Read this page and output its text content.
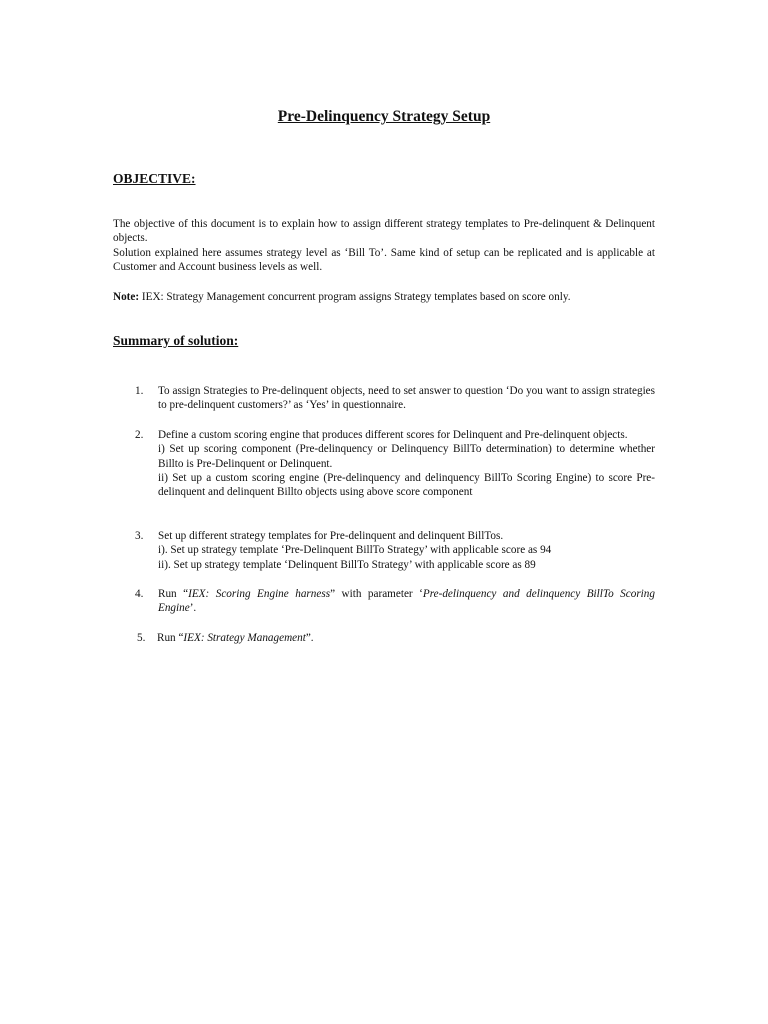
Pre-Delinquency Strategy Setup
OBJECTIVE:

The objective of this document is to explain how to assign different strategy templates to Pre-delinquent & Delinquent objects.

Solution explained here assumes strategy level as ‘Bill To’. Same kind of setup can be replicated and is applicable at Customer and Account business levels as well.

Note: IEX: Strategy Management concurrent program assigns Strategy templates based on score only.

Summary of solution:
1. To assign Strategies to Pre-delinquent objects, need to set answer to question ‘Do you want to assign strategies to pre-delinquent customers?’ as ‘Yes’ in questionnaire.
2. Define a custom scoring engine that produces different scores for Delinquent and Pre-delinquent objects.
i) Set up scoring component (Pre-delinquency or Delinquency BillTo determination) to determine whether Billto is Pre-Delinquent or Delinquent.
ii) Set up a custom scoring engine (Pre-delinquency and delinquency BillTo Scoring Engine) to score Pre-delinquent and delinquent Billto objects using above score component
3. Set up different strategy templates for Pre-delinquent and delinquent BillTos.
i). Set up strategy template ‘Pre-Delinquent BillTo Strategy’ with applicable score as 94
ii). Set up strategy template ‘Delinquent BillTo Strategy’ with applicable score as 89
4. Run “IEX: Scoring Engine harness” with parameter ‘Pre-delinquency and delinquency BillTo Scoring Engine’.
5. Run “IEX: Strategy Management”.
